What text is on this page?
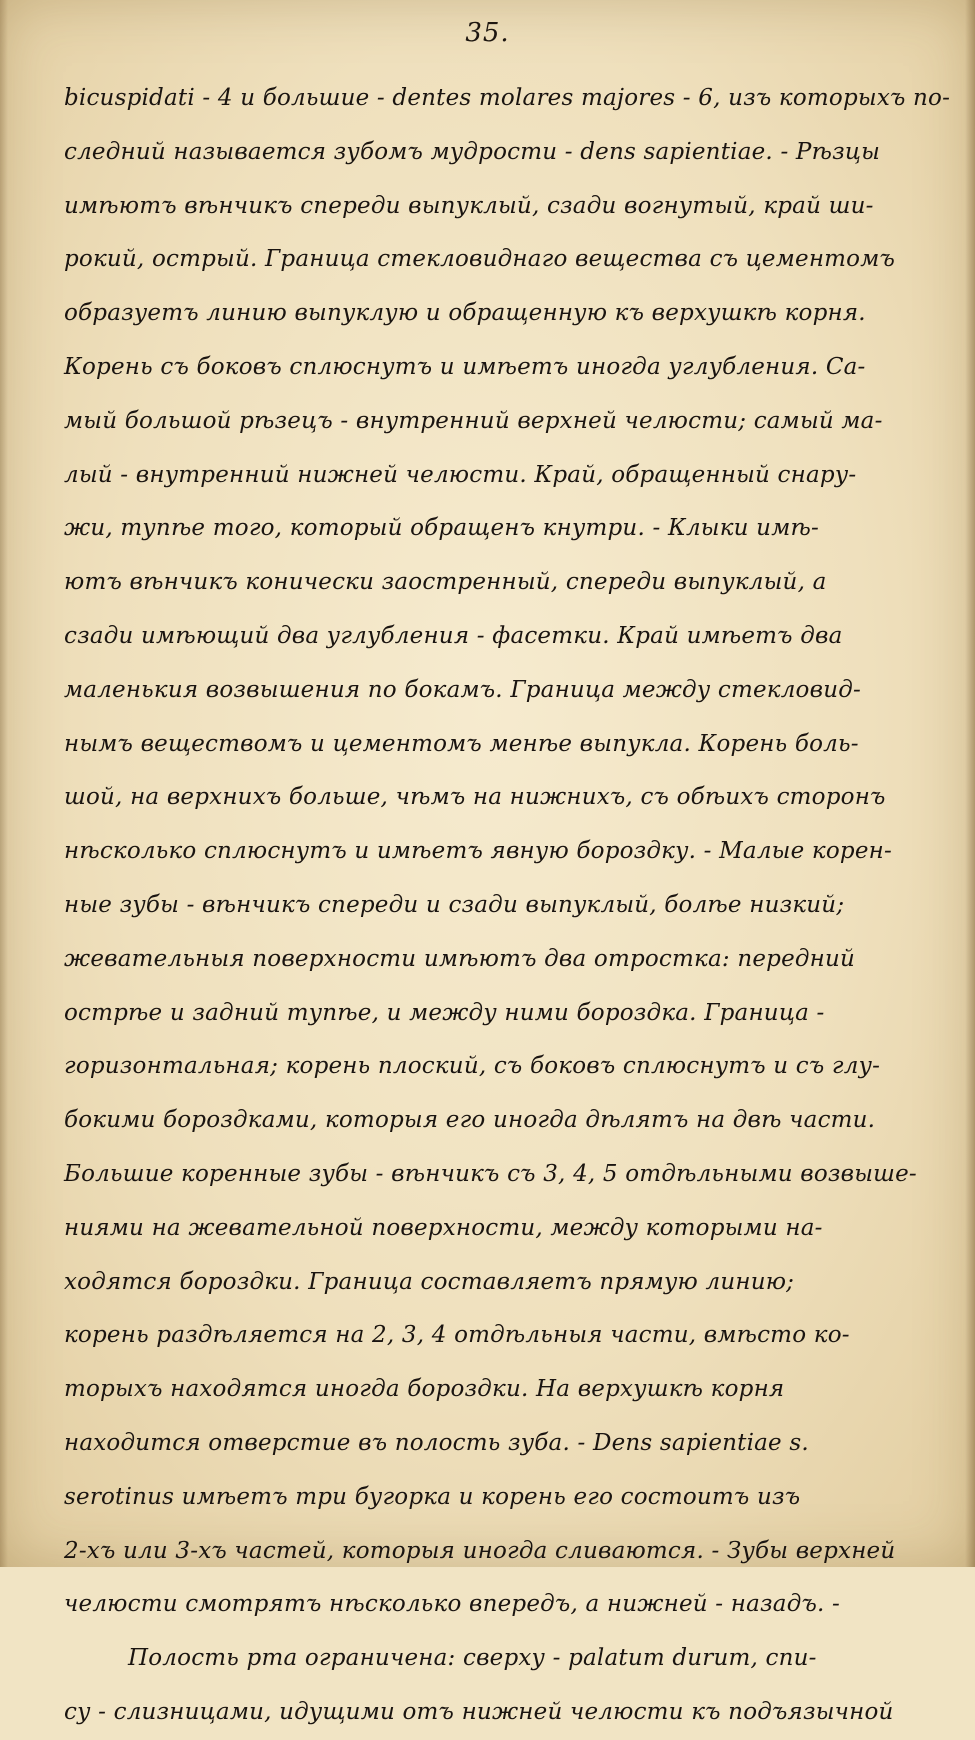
35.
bicuspidati - 4 и большие - dentes molares majores - 6, изъ которыхъ по-
следний называется зубомъ мудрости - dens sapientiae. - Рѣзцы
имѣютъ вѣнчикъ спереди выпуклый, сзади вогнутый, край ши-
рокий, острый. Граница стекловиднаго вещества съ цементомъ
образуетъ линию выпуклую и обращенную къ верхушкѣ корня.
Корень съ боковъ сплюснутъ и имѣетъ иногда углубления. Са-
мый большой рѣзецъ - внутренний верхней челюсти; самый ма-
лый - внутренний нижней челюсти. Край, обращенный снару-
жи, тупѣе того, который обращенъ кнутри. - Клыки имѣ-
ютъ вѣнчикъ конически заостренный, спереди выпуклый, а
сзади имѣющий два углубления - фасетки. Край имѣетъ два
маленькия возвышения по бокамъ. Граница между стекловид-
нымъ веществомъ и цементомъ менѣе выпукла. Корень боль-
шой, на верхнихъ больше, чѣмъ на нижнихъ, съ обѣихъ сторонъ
нѣсколько сплюснутъ и имѣетъ явную бороздку. - Малые корен-
ные зубы - вѣнчикъ спереди и сзади выпуклый, болѣе низкий;
жевательныя поверхности имѣютъ два отростка: передний
острѣе и задний тупѣе, и между ними бороздка. Граница -
горизонтальная; корень плоский, съ боковъ сплюснутъ и съ глу-
бокими бороздками, которыя его иногда дѣлятъ на двѣ части.
Большие коренные зубы - вѣнчикъ съ 3, 4, 5 отдѣльными возвыше-
ниями на жевательной поверхности, между которыми на-
ходятся бороздки. Граница составляетъ прямую линию;
корень раздѣляется на 2, 3, 4 отдѣльныя части, вмѣсто ко-
торыхъ находятся иногда бороздки. На верхушкѣ корня
находится отверстие въ полость зуба. - Dens sapientiae s.
serotinus имѣетъ три бугорка и корень его состоитъ изъ
2-хъ или 3-хъ частей, которыя иногда сливаются. - Зубы верхней
челюсти смотрятъ нѣсколько впередъ, а нижней - назадъ. -
Полость рта ограничена: сверху - palatum durum, спи-
су - слизницами, идущими отъ нижней челюсти къ подъязычной
